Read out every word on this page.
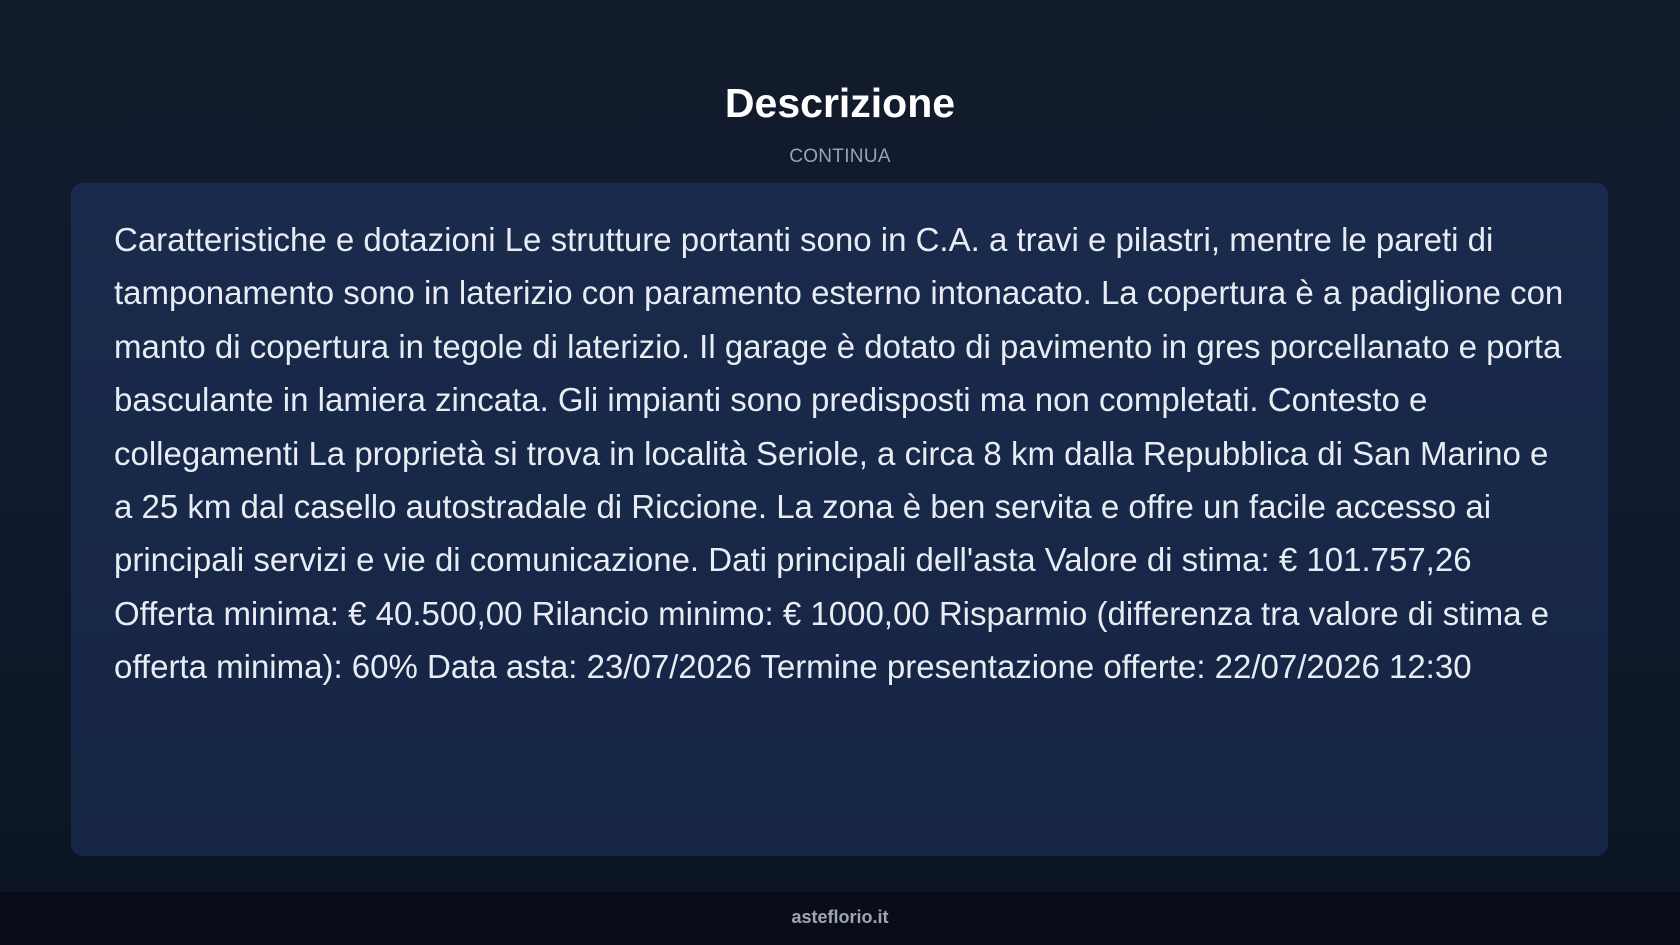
Descrizione
CONTINUA

Caratteristiche e dotazioni Le strutture portanti sono in C.A. a travi e pilastri, mentre le pareti di tamponamento sono in laterizio con paramento esterno intonacato. La copertura è a padiglione con manto di copertura in tegole di laterizio. Il garage è dotato di pavimento in gres porcellanato e porta basculante in lamiera zincata. Gli impianti sono predisposti ma non completati. Contesto e collegamenti La proprietà si trova in località Seriole, a circa 8 km dalla Repubblica di San Marino e a 25 km dal casello autostradale di Riccione. La zona è ben servita e offre un facile accesso ai principali servizi e vie di comunicazione. Dati principali dell'asta Valore di stima: € 101.757,26 Offerta minima: € 40.500,00 Rilancio minimo: € 1000,00 Risparmio (differenza tra valore di stima e offerta minima): 60% Data asta: 23/07/2026 Termine presentazione offerte: 22/07/2026 12:30

asteflorio.it
